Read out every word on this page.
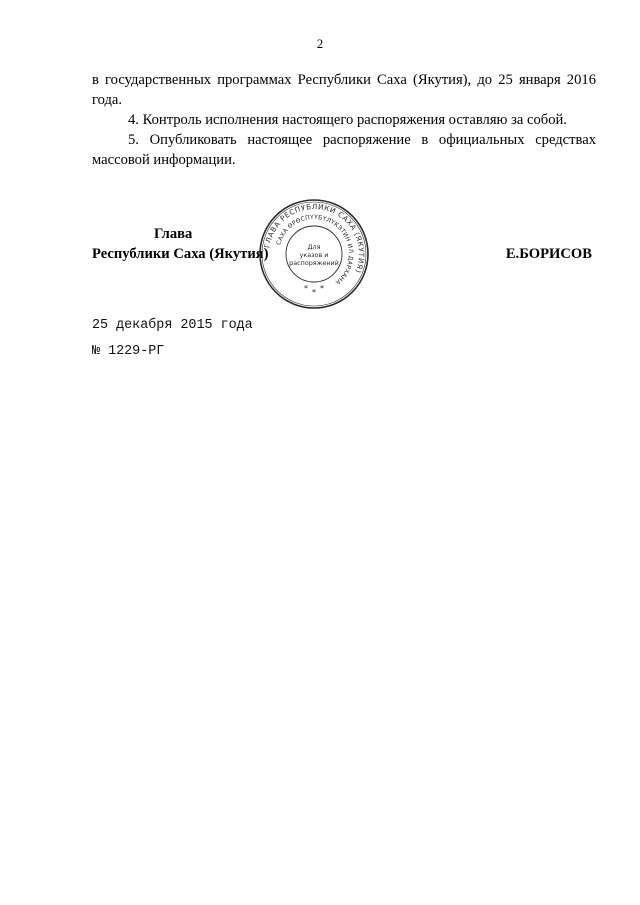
2

в государственных программах Республики Саха (Якутия), до 25 января 2016 года.

4. Контроль исполнения настоящего распоряжения оставляю за собой.

5. Опубликовать настоящее распоряжение в официальных средствах массовой информации.

Глава
Республики Саха (Якутия)	Е.БОРИСОВ
ГЛАВА РЕСПУБЛИКИ САХА (ЯКУТИЯ)
САХА ӨРӨСПҮҮБҮЛҮКЭТИН ИЛ ДАРХАНА
Для
указов и
распоряжений
* * *
25 декабря 2015 года
№ 1229-РГ
